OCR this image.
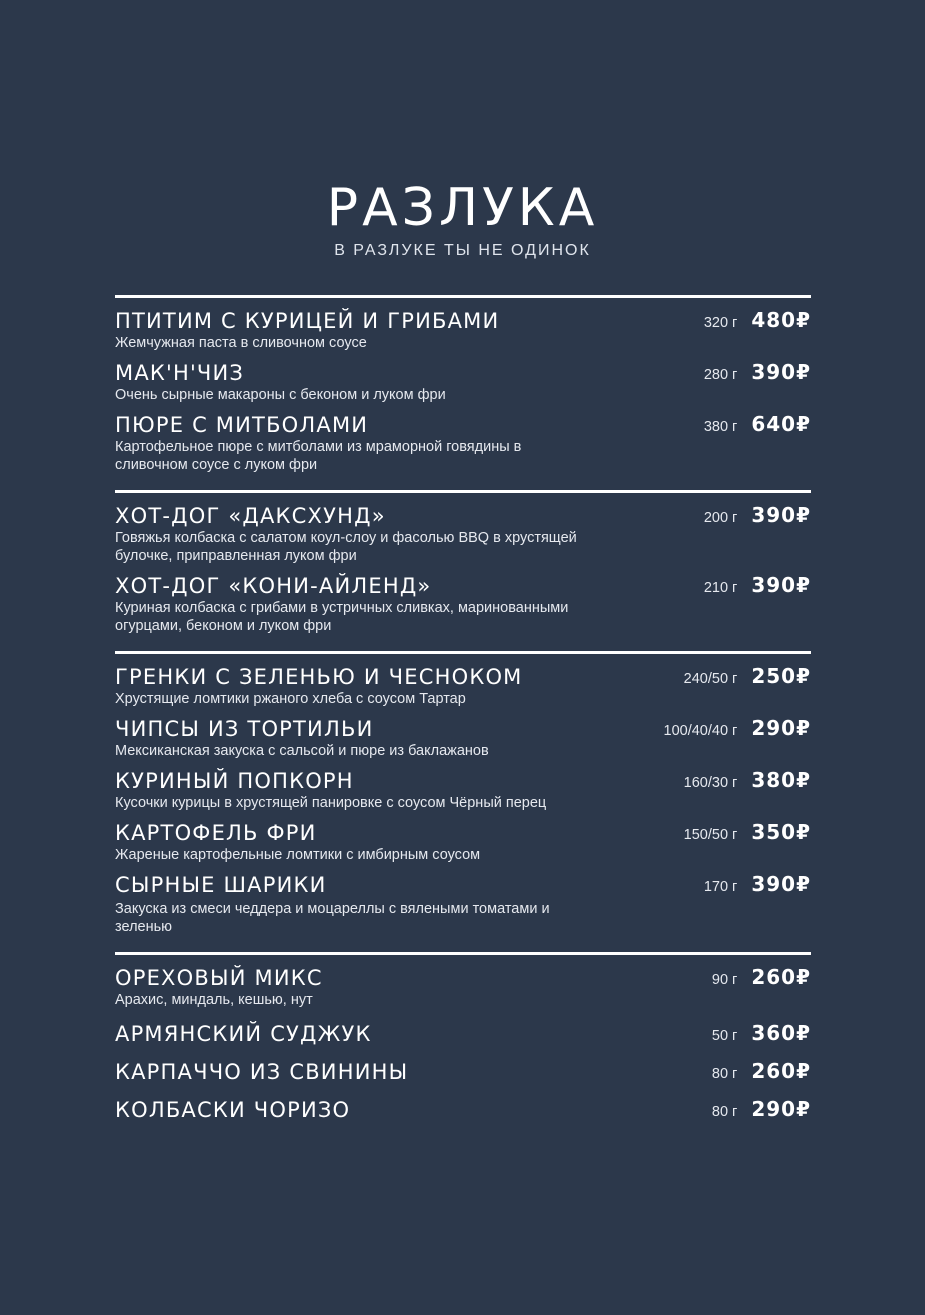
РАЗЛУКА
В РАЗЛУКЕ ТЫ НЕ ОДИНОК
ПТИТИМ С КУРИЦЕЙ И ГРИБАМИ
Жемчужная паста в сливочном соусе
320 г 480₽
МАК'Н'ЧИЗ
Очень сырные макароны с беконом и луком фри
280 г 390₽
ПЮРЕ С МИТБОЛАМИ
Картофельное пюре с митболами из мраморной говядины в сливочном соусе с луком фри
380 г 640₽
ХОТ-ДОГ «ДАКСХУНД»
Говяжья колбаска с салатом коул-слоу и фасолью BBQ в хрустящей булочке, приправленная луком фри
200 г 390₽
ХОТ-ДОГ «КОНИ-АЙЛЕНД»
Куриная колбаска с грибами в устричных сливках, маринованными огурцами, беконом и луком фри
210 г 390₽
ГРЕНКИ С ЗЕЛЕНЬЮ И ЧЕСНОКОМ
Хрустящие ломтики ржаного хлеба с соусом Тартар
240/50 г 250₽
ЧИПСЫ ИЗ ТОРТИЛЬИ
Мексиканская закуска с сальсой и пюре из баклажанов
100/40/40 г 290₽
КУРИНЫЙ ПОПКОРН
Кусочки курицы в хрустящей панировке с соусом Чёрный перец
160/30 г 380₽
КАРТОФЕЛЬ ФРИ
Жареные картофельные ломтики с имбирным соусом
150/50 г 350₽
СЫРНЫЕ ШАРИКИ
Закуска из смеси чеддера и моцареллы с вялеными томатами и зеленью
170 г 390₽
ОРЕХОВЫЙ МИКС
Арахис, миндаль, кешью, нут
90 г 260₽
АРМЯНСКИЙ СУДЖУК	50 г 360₽
КАРПАЧЧО ИЗ СВИНИНЫ	80 г 260₽
КОЛБАСКИ ЧОРИЗО	80 г 290₽
